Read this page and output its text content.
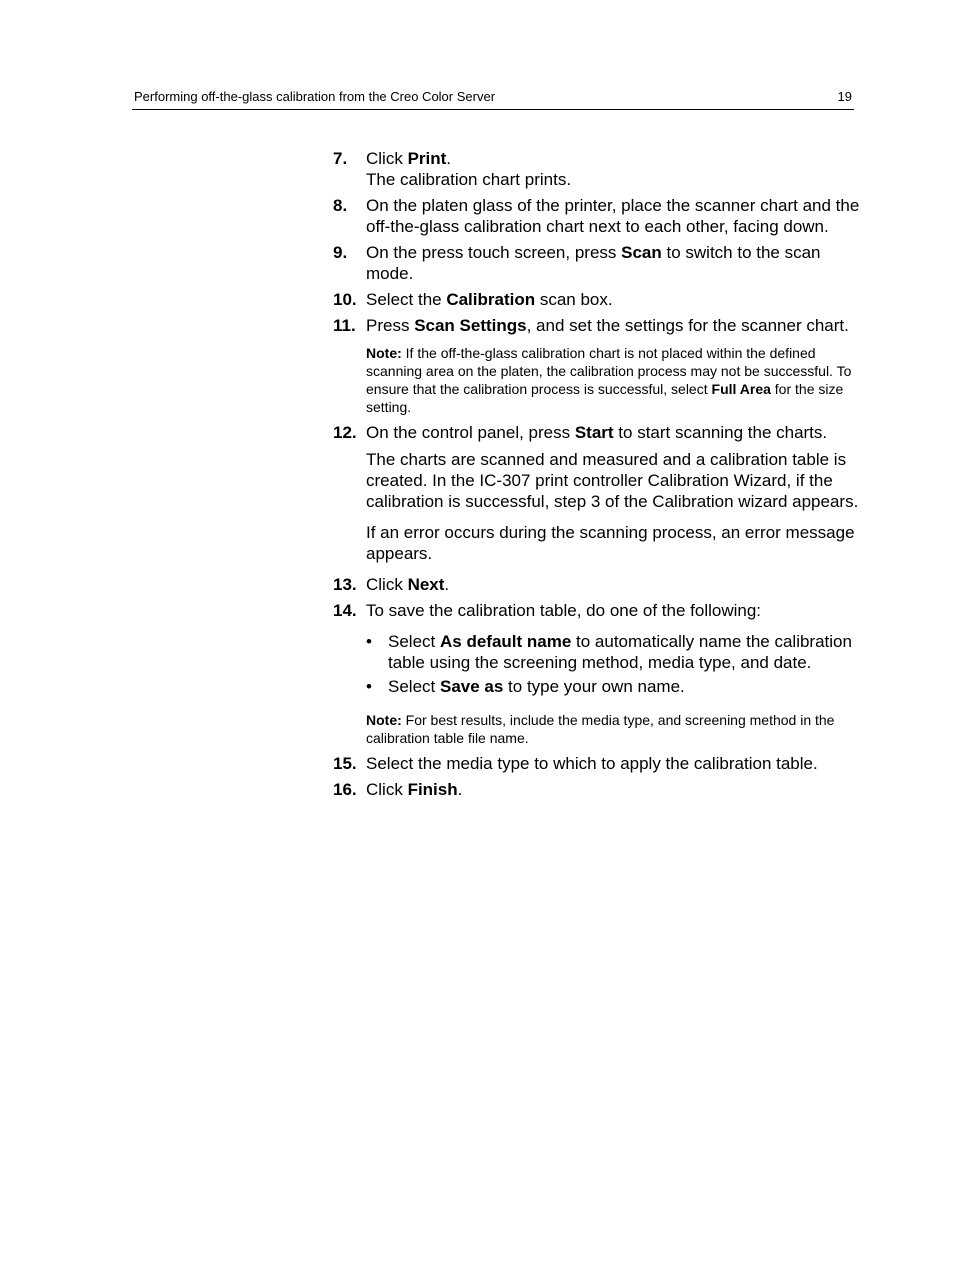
Performing off-the-glass calibration from the Creo Color Server	19
7. Click Print.
The calibration chart prints.
8. On the platen glass of the printer, place the scanner chart and the off-the-glass calibration chart next to each other, facing down.
9. On the press touch screen, press Scan to switch to the scan mode.
10. Select the Calibration scan box.
11. Press Scan Settings, and set the settings for the scanner chart.
Note: If the off-the-glass calibration chart is not placed within the defined scanning area on the platen, the calibration process may not be successful. To ensure that the calibration process is successful, select Full Area for the size setting.
12. On the control panel, press Start to start scanning the charts.
The charts are scanned and measured and a calibration table is created. In the IC-307 print controller Calibration Wizard, if the calibration is successful, step 3 of the Calibration wizard appears.
If an error occurs during the scanning process, an error message appears.
13. Click Next.
14. To save the calibration table, do one of the following:
• Select As default name to automatically name the calibration table using the screening method, media type, and date.
• Select Save as to type your own name.
Note: For best results, include the media type, and screening method in the calibration table file name.
15. Select the media type to which to apply the calibration table.
16. Click Finish.
